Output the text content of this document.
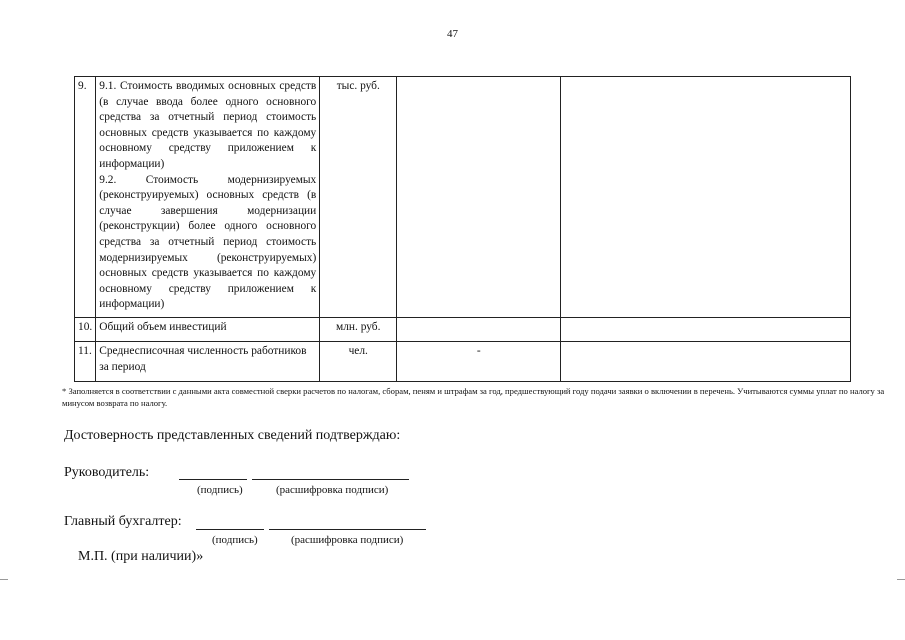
47
9.	9.1. Стоимость вводимых основных средств (в случае ввода более одного основного средства за отчетный период стоимость основных средств указывается по каждому основному средству приложением к информации)
9.2. Стоимость модернизируемых (реконструируемых) основных средств (в случае завершения модернизации (реконструкции) более одного основного средства за отчетный период стоимость модернизируемых (реконструируемых) основных средств указывается по каждому основному средству приложением к информации)	тыс. руб.		
10.	Общий объем инвестиций	млн. руб.		
11.	Среднесписочная численность работников за период	чел.	-	
* Заполняется в соответствии с данными акта совместной сверки расчетов по налогам, сборам, пеням и штрафам за год, предшествующий году подачи заявки о включении в перечень. Учитываются суммы уплат по налогу за минусом возврата по налогу.
Достоверность представленных сведений подтверждаю:
Руководитель:
(подпись)	(расшифровка подписи)
Главный бухгалтер:
(подпись)	(расшифровка подписи)
М.П. (при наличии)»
